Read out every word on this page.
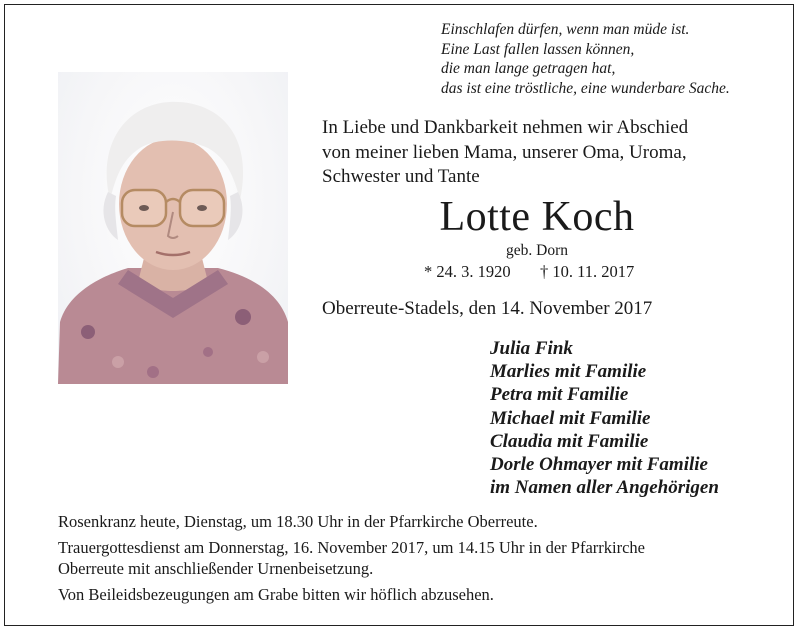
Einschlafen dürfen, wenn man müde ist.
Eine Last fallen lassen können,
die man lange getragen hat,
das ist eine tröstliche, eine wunderbare Sache.
In Liebe und Dankbarkeit nehmen wir Abschied
von meiner lieben Mama, unserer Oma, Uroma,
Schwester und Tante
Lotte Koch
geb. Dorn
* 24. 3. 1920 † 10. 11. 2017
Oberreute-Stadels, den 14. November 2017
Julia Fink
Marlies mit Familie
Petra mit Familie
Michael mit Familie
Claudia mit Familie
Dorle Ohmayer mit Familie
im Namen aller Angehörigen
Rosenkranz heute, Dienstag, um 18.30 Uhr in der Pfarrkirche Oberreute.
Trauergottesdienst am Donnerstag, 16. November 2017, um 14.15 Uhr in der Pfarrkirche
Oberreute mit anschließender Urnenbeisetzung.
Von Beileidsbezeugungen am Grabe bitten wir höflich abzusehen.
